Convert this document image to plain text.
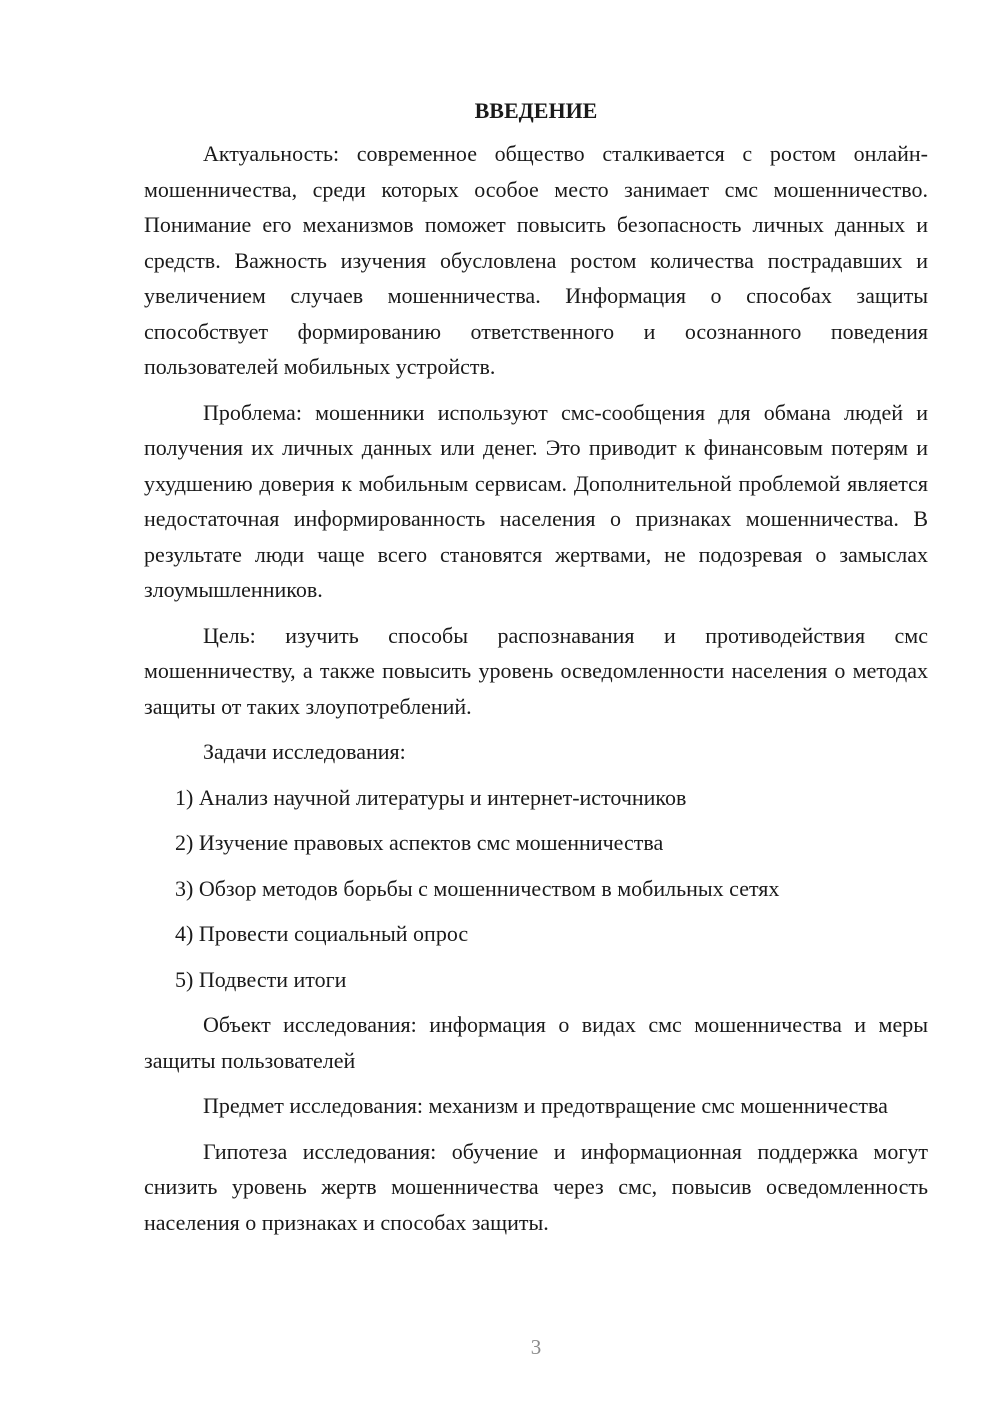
ВВЕДЕНИЕ

Актуальность: современное общество сталкивается с ростом онлайн-мошенничества, среди которых особое место занимает смс мошенничество. Понимание его механизмов поможет повысить безопасность личных данных и средств. Важность изучения обусловлена ростом количества пострадавших и увеличением случаев мошенничества. Информация о способах защиты способствует формированию ответственного и осознанного поведения пользователей мобильных устройств.

Проблема: мошенники используют смс-сообщения для обмана людей и получения их личных данных или денег. Это приводит к финансовым потерям и ухудшению доверия к мобильным сервисам. Дополнительной проблемой является недостаточная информированность населения о признаках мошенничества. В результате люди чаще всего становятся жертвами, не подозревая о замыслах злоумышленников.

Цель: изучить способы распознавания и противодействия смс мошенничеству, а также повысить уровень осведомленности населения о методах защиты от таких злоупотреблений.

Задачи исследования:

1) Анализ научной литературы и интернет-источников
2) Изучение правовых аспектов смс мошенничества
3) Обзор методов борьбы с мошенничеством в мобильных сетях
4) Провести социальный опрос
5) Подвести итоги

Объект исследования: информация о видах смс мошенничества и меры защиты пользователей

Предмет исследования: механизм и предотвращение смс мошенничества

Гипотеза исследования: обучение и информационная поддержка могут снизить уровень жертв мошенничества через смс, повысив осведомленность населения о признаках и способах защиты.

3
